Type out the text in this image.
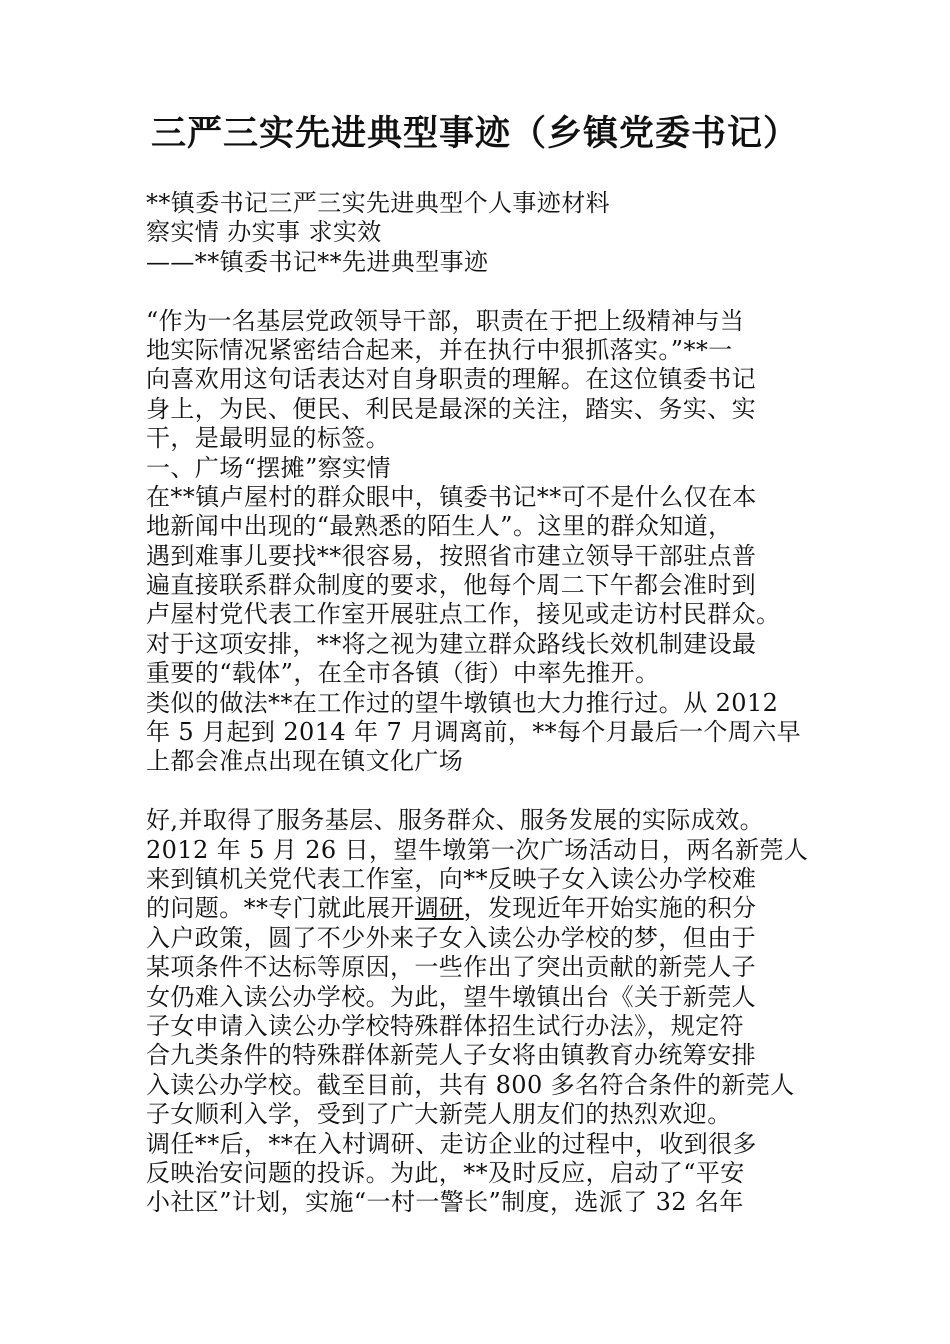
三严三实先进典型事迹（乡镇党委书记）
**镇委书记三严三实先进典型个人事迹材料
察实情 办实事 求实效
——**镇委书记**先进典型事迹
“作为一名基层党政领导干部，职责在于把上级精神与当
地实际情况紧密结合起来，并在执行中狠抓落实。”**一
向喜欢用这句话表达对自身职责的理解。在这位镇委书记
身上，为民、便民、利民是最深的关注，踏实、务实、实
干，是最明显的标签。
一、广场“摆摊”察实情
在**镇卢屋村的群众眼中，镇委书记**可不是什么仅在本
地新闻中出现的“最熟悉的陌生人”。这里的群众知道，
遇到难事儿要找**很容易，按照省市建立领导干部驻点普
遍直接联系群众制度的要求，他每个周二下午都会准时到
卢屋村党代表工作室开展驻点工作，接见或走访村民群众。
对于这项安排，**将之视为建立群众路线长效机制建设最
重要的“载体”，在全市各镇（街）中率先推开。
类似的做法**在工作过的望牛墩镇也大力推行过。从 2012
年 5 月起到 2014 年 7 月调离前，**每个月最后一个周六早
上都会准点出现在镇文化广场
好,并取得了服务基层、服务群众、服务发展的实际成效。
2012 年 5 月 26 日，望牛墩第一次广场活动日，两名新莞人
来到镇机关党代表工作室，向**反映子女入读公办学校难
的问题。**专门就此展开调研，发现近年开始实施的积分
入户政策，圆了不少外来子女入读公办学校的梦，但由于
某项条件不达标等原因，一些作出了突出贡献的新莞人子
女仍难入读公办学校。为此，望牛墩镇出台《关于新莞人
子女申请入读公办学校特殊群体招生试行办法》，规定符
合九类条件的特殊群体新莞人子女将由镇教育办统筹安排
入读公办学校。截至目前，共有 800 多名符合条件的新莞人
子女顺利入学，受到了广大新莞人朋友们的热烈欢迎。
调任**后，**在入村调研、走访企业的过程中，收到很多
反映治安问题的投诉。为此，**及时反应，启动了“平安
小社区”计划，实施“一村一警长”制度，选派了 32 名年
